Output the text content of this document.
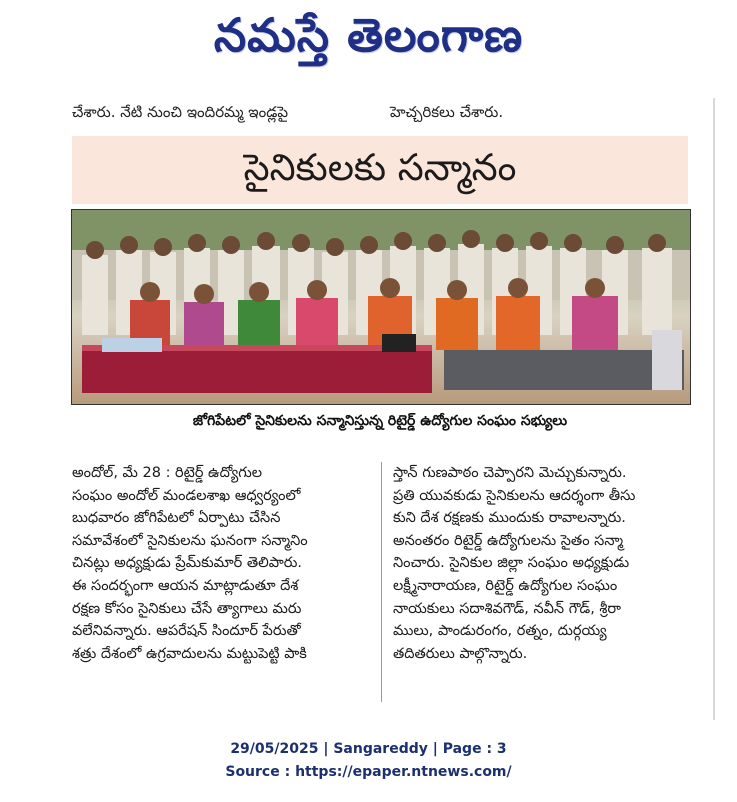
నమస్తే తెలంగాణ
చేశారు. నేటి నుంచి ఇందిరమ్మ ఇండ్లపై	హెచ్చరికలు చేశారు.
సైనికులకు సన్మానం
జోగిపేటలో సైనికులను సన్మానిస్తున్న రిటైర్డ్ ఉద్యోగుల సంఘం సభ్యులు
అందోల్, మే 28 : రిటైర్డ్ ఉద్యోగుల
సంఘం అందోల్ మండలశాఖ ఆధ్వర్యంలో
బుధవారం జోగిపేటలో ఏర్పాటు చేసిన
సమావేశంలో సైనికులను ఘనంగా సన్మానిం
చినట్లు అధ్యక్షుడు ప్రేమ్‌కుమార్ తెలిపారు.
ఈ సందర్భంగా ఆయన మాట్లాడుతూ దేశ
రక్షణ కోసం సైనికులు చేసే త్యాగాలు మరు
వలేనివన్నారు. ఆపరేషన్ సిందూర్ పేరుతో
శత్రు దేశంలో ఉగ్రవాదులను మట్టుపెట్టి పాకి
స్తాన్ గుణపాఠం చెప్పారని మెచ్చుకున్నారు.
ప్రతి యువకుడు సైనికులను ఆదర్శంగా తీసు
కుని దేశ రక్షణకు ముందుకు రావాలన్నారు.
అనంతరం రిటైర్డ్ ఉద్యోగులను సైతం సన్మా
నించారు. సైనికుల జిల్లా సంఘం అధ్యక్షుడు
లక్ష్మీనారాయణ, రిటైర్డ్ ఉద్యోగుల సంఘం
నాయకులు సదాశివగౌడ్, నవీన్ గౌడ్, శ్రీరా
ములు, పాండురంగం, రత్నం, దుర్గయ్య
తదితరులు పాల్గొన్నారు.
29/05/2025 | Sangareddy | Page : 3
Source : https://epaper.ntnews.com/
